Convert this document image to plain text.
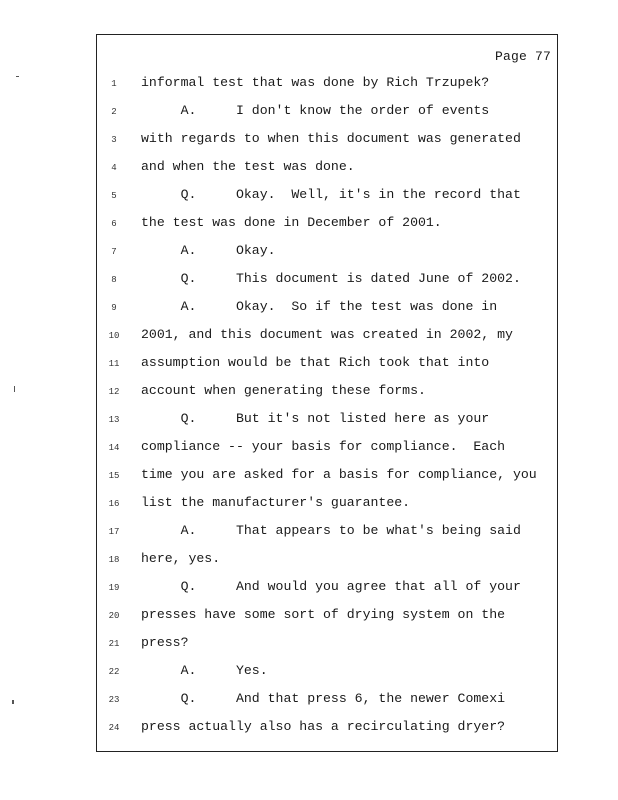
Page 77
1	informal test that was done by Rich Trzupek?
2	A.     I don't know the order of events
3	with regards to when this document was generated
4	and when the test was done.
5	Q.     Okay.  Well, it's in the record that
6	the test was done in December of 2001.
7	A.     Okay.
8	Q.     This document is dated June of 2002.
9	A.     Okay.  So if the test was done in
10	2001, and this document was created in 2002, my
11	assumption would be that Rich took that into
12	account when generating these forms.
13	Q.     But it's not listed here as your
14	compliance -- your basis for compliance.  Each
15	time you are asked for a basis for compliance, you
16	list the manufacturer's guarantee.
17	A.     That appears to be what's being said
18	here, yes.
19	Q.     And would you agree that all of your
20	presses have some sort of drying system on the
21	press?
22	A.     Yes.
23	Q.     And that press 6, the newer Comexi
24	press actually also has a recirculating dryer?
